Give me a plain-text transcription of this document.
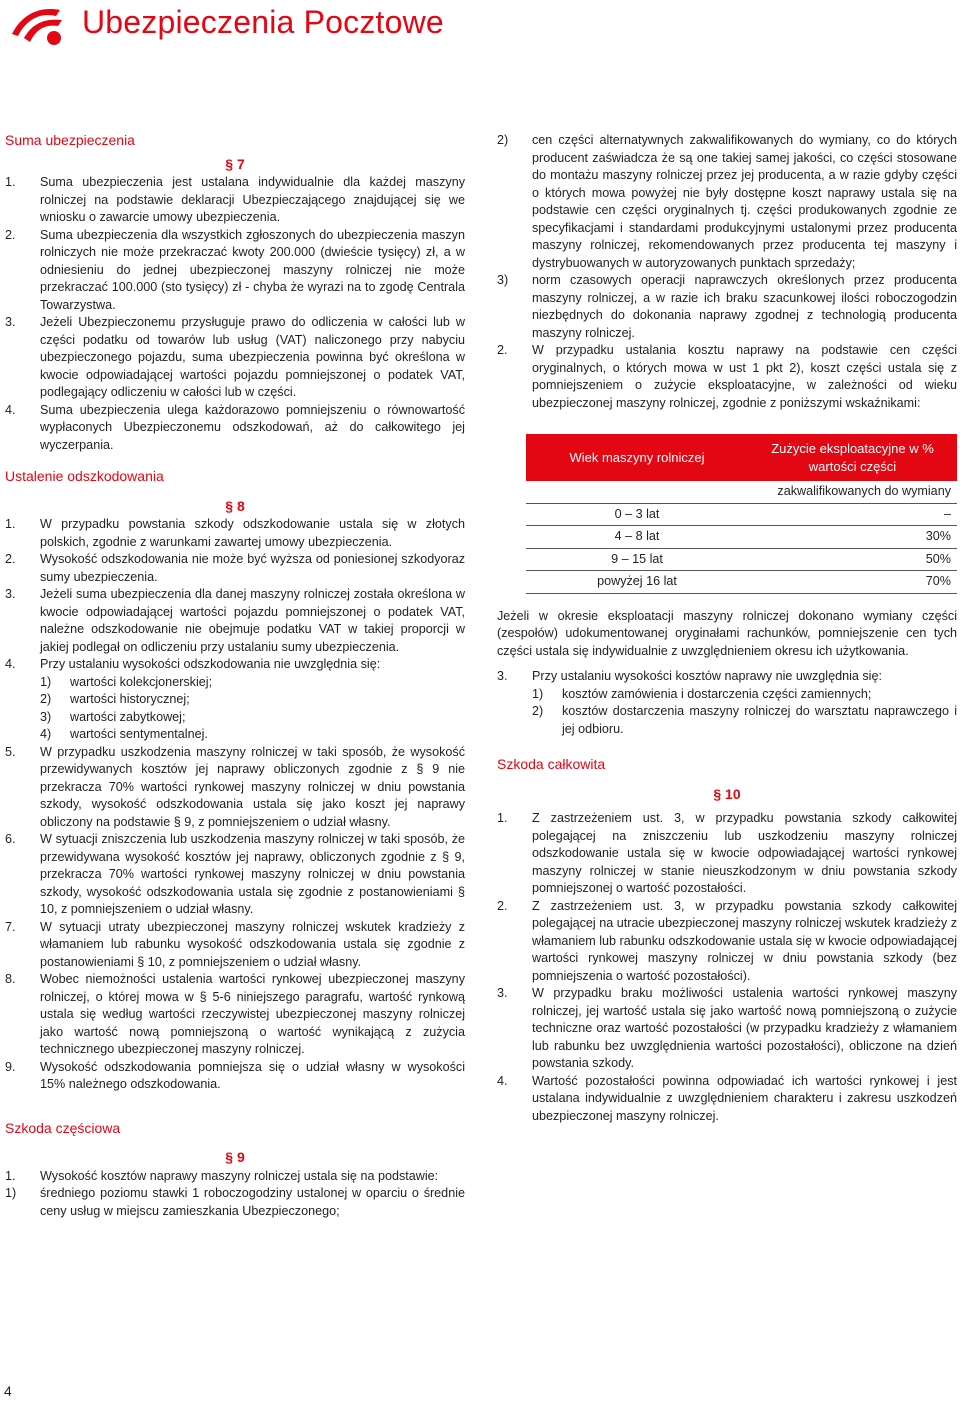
Ubezpieczenia Pocztowe
Suma ubezpieczenia
§ 7
1. Suma ubezpieczenia jest ustalana indywidualnie dla każdej maszyny rolniczej na podstawie deklaracji Ubezpieczającego znajdującej się we wniosku o zawarcie umowy ubezpieczenia.
2. Suma ubezpieczenia dla wszystkich zgłoszonych do ubezpieczenia maszyn rolniczych nie może przekraczać kwoty 200.000 (dwieście tysięcy) zł, a w odniesieniu do jednej ubezpieczonej maszyny rolniczej nie może przekraczać 100.000 (sto tysięcy) zł - chyba że wyrazi na to zgodę Centrala Towarzystwa.
3. Jeżeli Ubezpieczonemu przysługuje prawo do odliczenia w całości lub w części podatku od towarów lub usług (VAT) naliczonego przy nabyciu ubezpieczonego pojazdu, suma ubezpieczenia powinna być określona w kwocie odpowiadającej wartości pojazdu pomniejszonej o podatek VAT, podlegający odliczeniu w całości lub w części.
4. Suma ubezpieczenia ulega każdorazowo pomniejszeniu o równowartość wypłaconych Ubezpieczonemu odszkodowań, aż do całkowitego jej wyczerpania.
Ustalenie odszkodowania
§ 8
1. W przypadku powstania szkody odszkodowanie ustala się w złotych polskich, zgodnie z warunkami zawartej umowy ubezpieczenia.
2. Wysokość odszkodowania nie może być wyższa od poniesionej szkodyoraz sumy ubezpieczenia.
3. Jeżeli suma ubezpieczenia dla danej maszyny rolniczej została określona w kwocie odpowiadającej wartości pojazdu pomniejszonej o podatek VAT, należne odszkodowanie nie obejmuje podatku VAT w takiej proporcji w jakiej podlegał on odliczeniu przy ustalaniu sumy ubezpieczenia.
4. Przy ustalaniu wysokości odszkodowania nie uwzględnia się:
1) wartości kolekcjonerskiej;
2) wartości historycznej;
3) wartości zabytkowej;
4) wartości sentymentalnej.
5. W przypadku uszkodzenia maszyny rolniczej w taki sposób, że wysokość przewidywanych kosztów jej naprawy obliczonych zgodnie z § 9 nie przekracza 70% wartości rynkowej maszyny rolniczej w dniu powstania szkody, wysokość odszkodowania ustala się jako koszt jej naprawy obliczony na podstawie § 9, z pomniejszeniem o udział własny.
6. W sytuacji zniszczenia lub uszkodzenia maszyny rolniczej w taki sposób, że przewidywana wysokość kosztów jej naprawy, obliczonych zgodnie z § 9, przekracza 70% wartości rynkowej maszyny rolniczej w dniu powstania szkody, wysokość odszkodowania ustala się zgodnie z postanowieniami § 10, z pomniejszeniem o udział własny.
7. W sytuacji utraty ubezpieczonej maszyny rolniczej wskutek kradzieży z włamaniem lub rabunku wysokość odszkodowania ustala się zgodnie z postanowieniami § 10, z pomniejszeniem o udział własny.
8. Wobec niemożności ustalenia wartości rynkowej ubezpieczonej maszyny rolniczej, o której mowa w § 5-6 niniejszego paragrafu, wartość rynkową ustala się według wartości rzeczywistej ubezpieczonej maszyny rolniczej jako wartość nową pomniejszoną o wartość wynikającą z zużycia technicznego ubezpieczonej maszyny rolniczej.
9. Wysokość odszkodowania pomniejsza się o udział własny w wysokości 15% należnego odszkodowania.
Szkoda częściowa
§ 9
1. Wysokość kosztów naprawy maszyny rolniczej ustala się na podstawie:
1) średniego poziomu stawki 1 roboczogodziny ustalonej w oparciu o średnie ceny usług w miejscu zamieszkania Ubezpieczonego;
2) cen części alternatywnych zakwalifikowanych do wymiany, co do których producent zaświadcza że są one takiej samej jakości, co części stosowane do montażu maszyny rolniczej przez jej producenta, a w razie gdyby części o których mowa powyżej nie były dostępne koszt naprawy ustala się na podstawie cen części oryginalnych tj. części produkowanych zgodnie ze specyfikacjami i standardami produkcyjnymi ustalonymi przez producenta maszyny rolniczej, rekomendowanych przez producenta tej maszyny i dystrybuowanych w autoryzowanych punktach sprzedaży;
3) norm czasowych operacji naprawczych określonych przez producenta maszyny rolniczej, a w razie ich braku szacunkowej ilości roboczogodzin niezbędnych do dokonania naprawy zgodnej z technologią producenta maszyny rolniczej.
2. W przypadku ustalania kosztu naprawy na podstawie cen części oryginalnych, o których mowa w ust 1 pkt 2), koszt części ustala się z pomniejszeniem o zużycie eksploatacyjne, w zależności od wieku ubezpieczonej maszyny rolniczej, zgodnie z poniższymi wskaźnikami:
Wiek maszyny rolniczej	Zużycie eksploatacyjne w % wartości części
	zakwalifikowanych do wymiany
0 – 3 lat	–
4 – 8 lat	30%
9 – 15 lat	50%
powyżej 16 lat	70%
Jeżeli w okresie eksploatacji maszyny rolniczej dokonano wymiany części (zespołów) udokumentowanej oryginałami rachunków, pomniejszenie cen tych części ustala się indywidualnie z uwzględnieniem okresu ich użytkowania.
3. Przy ustalaniu wysokości kosztów naprawy nie uwzględnia się:
1) kosztów zamówienia i dostarczenia części zamiennych;
2) kosztów dostarczenia maszyny rolniczej do warsztatu naprawczego i jej odbioru.
Szkoda całkowita
§ 10
1. Z zastrzeżeniem ust. 3, w przypadku powstania szkody całkowitej polegającej na zniszczeniu lub uszkodzeniu maszyny rolniczej odszkodowanie ustala się w kwocie odpowiadającej wartości rynkowej maszyny rolniczej w stanie nieuszkodzonym w dniu powstania szkody pomniejszonej o wartość pozostałości.
2. Z zastrzeżeniem ust. 3, w przypadku powstania szkody całkowitej polegającej na utracie ubezpieczonej maszyny rolniczej wskutek kradzieży z włamaniem lub rabunku odszkodowanie ustala się w kwocie odpowiadającej wartości rynkowej maszyny rolniczej w dniu powstania szkody (bez pomniejszenia o wartość pozostałości).
3. W przypadku braku możliwości ustalenia wartości rynkowej maszyny rolniczej, jej wartość ustala się jako wartość nową pomniejszoną o zużycie techniczne oraz wartość pozostałości (w przypadku kradzieży z włamaniem lub rabunku bez uwzględnienia wartości pozostałości), obliczone na dzień powstania szkody.
4. Wartość pozostałości powinna odpowiadać ich wartości rynkowej i jest ustalana indywidualnie z uwzględnieniem charakteru i zakresu uszkodzeń ubezpieczonej maszyny rolniczej.
4
